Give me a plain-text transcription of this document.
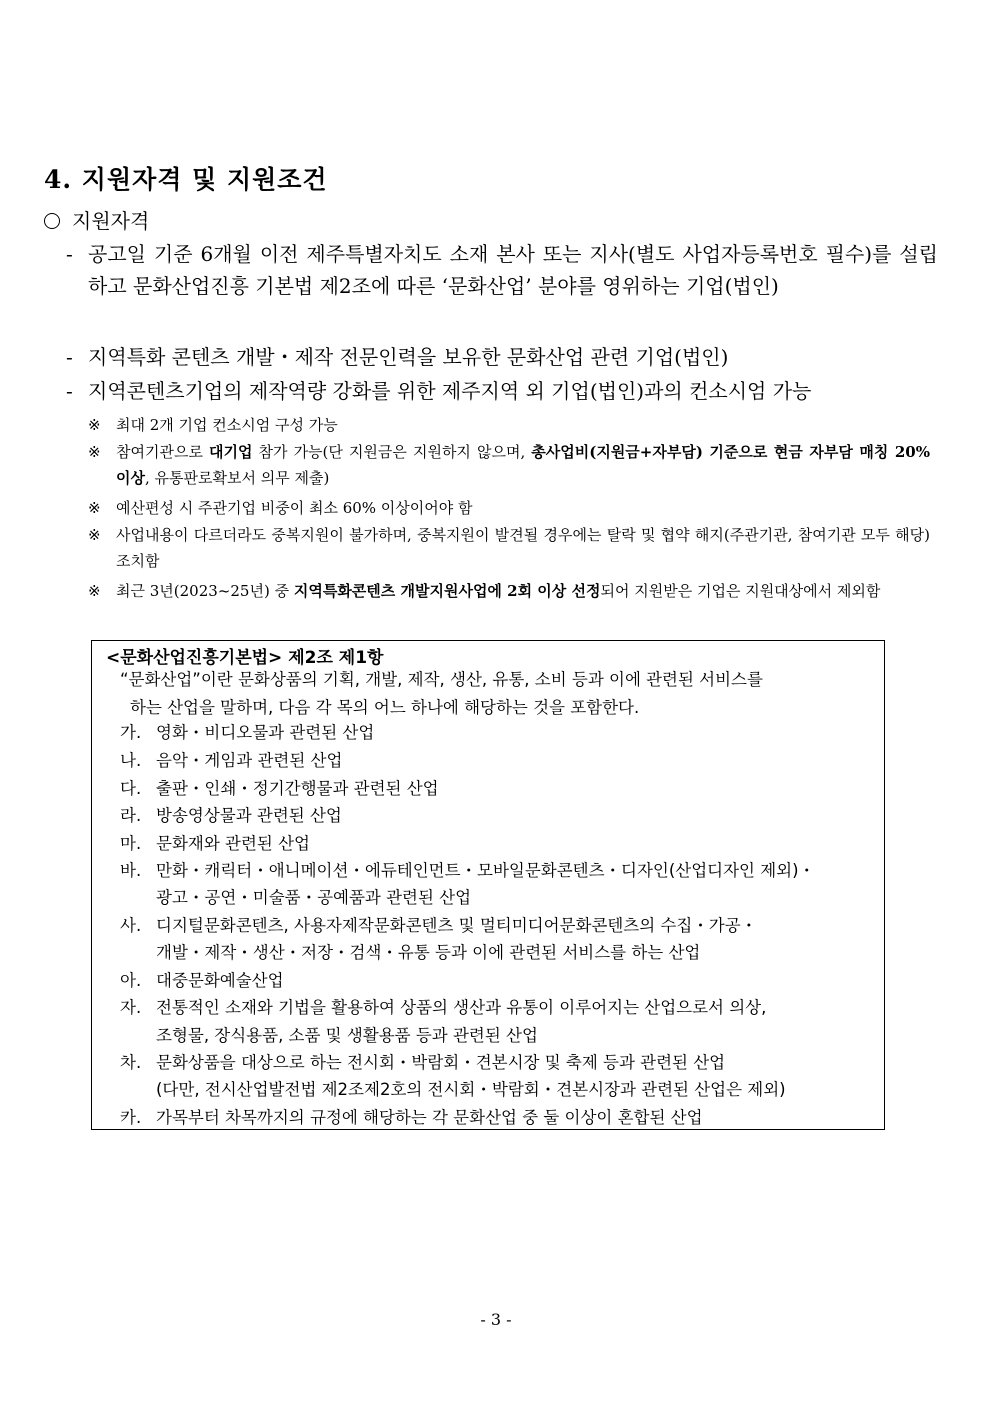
4. 지원자격 및 지원조건
지원자격
- 공고일 기준 6개월 이전 제주특별자치도 소재 본사 또는 지사(별도 사업자등록번호 필수)를 설립하고 문화산업진흥 기본법 제2조에 따른 ‘문화산업’ 분야를 영위하는 기업(법인)
- 지역특화 콘텐츠 개발・제작 전문인력을 보유한 문화산업 관련 기업(법인)
- 지역콘텐츠기업의 제작역량 강화를 위한 제주지역 외 기업(법인)과의 컨소시엄 가능
※ 최대 2개 기업 컨소시엄 구성 가능
※ 참여기관으로 대기업 참가 가능(단 지원금은 지원하지 않으며, 총사업비(지원금+자부담) 기준으로 현금 자부담 매칭 20% 이상, 유통판로확보서 의무 제출)
※ 예산편성 시 주관기업 비중이 최소 60% 이상이어야 함
※ 사업내용이 다르더라도 중복지원이 불가하며, 중복지원이 발견될 경우에는 탈락 및 협약 해지(주관기관, 참여기관 모두 해당) 조치함
※ 최근 3년(2023~25년) 중 지역특화콘텐츠 개발지원사업에 2회 이상 선정되어 지원받은 기업은 지원대상에서 제외함
<문화산업진흥기본법> 제2조 제1항
“문화산업”이란 문화상품의 기획, 개발, 제작, 생산, 유통, 소비 등과 이에 관련된 서비스를
하는 산업을 말하며, 다음 각 목의 어느 하나에 해당하는 것을 포함한다.
가. 영화・비디오물과 관련된 산업
나. 음악・게임과 관련된 산업
다. 출판・인쇄・정기간행물과 관련된 산업
라. 방송영상물과 관련된 산업
마. 문화재와 관련된 산업
바. 만화・캐릭터・애니메이션・에듀테인먼트・모바일문화콘텐츠・디자인(산업디자인 제외)・
광고・공연・미술품・공예품과 관련된 산업
사. 디지털문화콘텐츠, 사용자제작문화콘텐츠 및 멀티미디어문화콘텐츠의 수집・가공・
개발・제작・생산・저장・검색・유통 등과 이에 관련된 서비스를 하는 산업
아. 대중문화예술산업
자. 전통적인 소재와 기법을 활용하여 상품의 생산과 유통이 이루어지는 산업으로서 의상,
조형물, 장식용품, 소품 및 생활용품 등과 관련된 산업
차. 문화상품을 대상으로 하는 전시회・박람회・견본시장 및 축제 등과 관련된 산업
(다만, 전시산업발전법 제2조제2호의 전시회・박람회・견본시장과 관련된 산업은 제외)
카. 가목부터 차목까지의 규정에 해당하는 각 문화산업 중 둘 이상이 혼합된 산업
- 3 -
